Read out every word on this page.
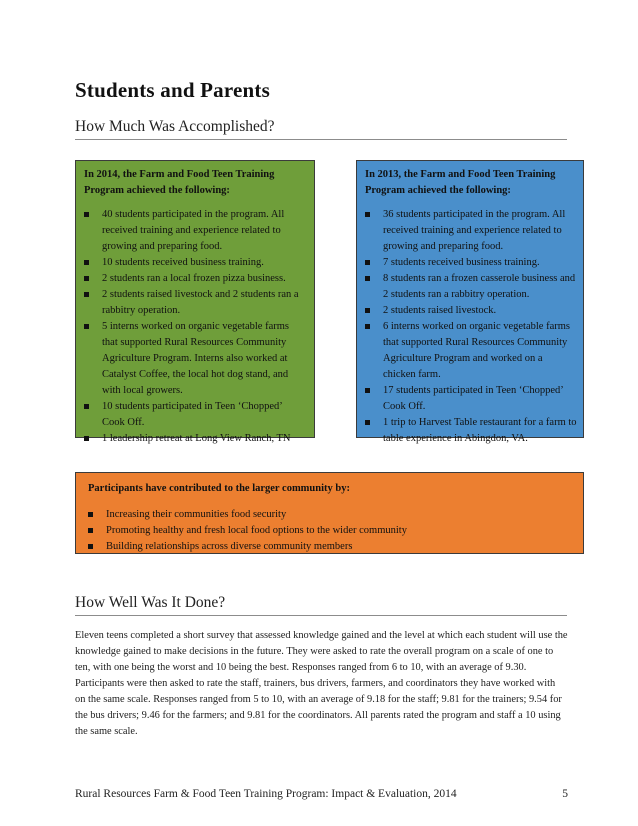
Students and Parents
How Much Was Accomplished?

In 2014, the Farm and Food Teen Training Program achieved the following:

40 students participated in the program. All received training and experience related to growing and preparing food.
10 students received business training.
2 students ran a local frozen pizza business.
2 students raised livestock and 2 students ran a rabbitry operation.
5 interns worked on organic vegetable farms that supported Rural Resources Community Agriculture Program. Interns also worked at Catalyst Coffee, the local hot dog stand, and with local growers.
10 students participated in Teen ‘Chopped’ Cook Off.
1 leadership retreat at Long View Ranch, TN

In 2013, the Farm and Food Teen Training Program achieved the following:

36 students participated in the program. All received training and experience related to growing and preparing food.
7 students received business training.
8 students ran a frozen casserole business and 2 students ran a rabbitry operation.
2 students raised livestock.
6 interns worked on organic vegetable farms that supported Rural Resources Community Agriculture Program and worked on a chicken farm.
17 students participated in Teen ‘Chopped’ Cook Off.
1 trip to Harvest Table restaurant for a farm to table experience in Abingdon, VA.

Participants have contributed to the larger community by:

Increasing their communities food security
Promoting healthy and fresh local food options to the wider community
Building relationships across diverse community members
How Well Was It Done?

Eleven teens completed a short survey that assessed knowledge gained and the level at which each student will use the knowledge gained to make decisions in the future. They were asked to rate the overall program on a scale of one to ten, with one being the worst and 10 being the best. Responses ranged from 6 to 10, with an average of 9.30. Participants were then asked to rate the staff, trainers, bus drivers, farmers, and coordinators they have worked with on the same scale. Responses ranged from 5 to 10, with an average of 9.18 for the staff; 9.81 for the trainers; 9.54 for the bus drivers; 9.46 for the farmers; and 9.81 for the coordinators. All parents rated the program and staff a 10 using the same scale.

Rural Resources Farm & Food Teen Training Program: Impact & Evaluation, 2014	5
